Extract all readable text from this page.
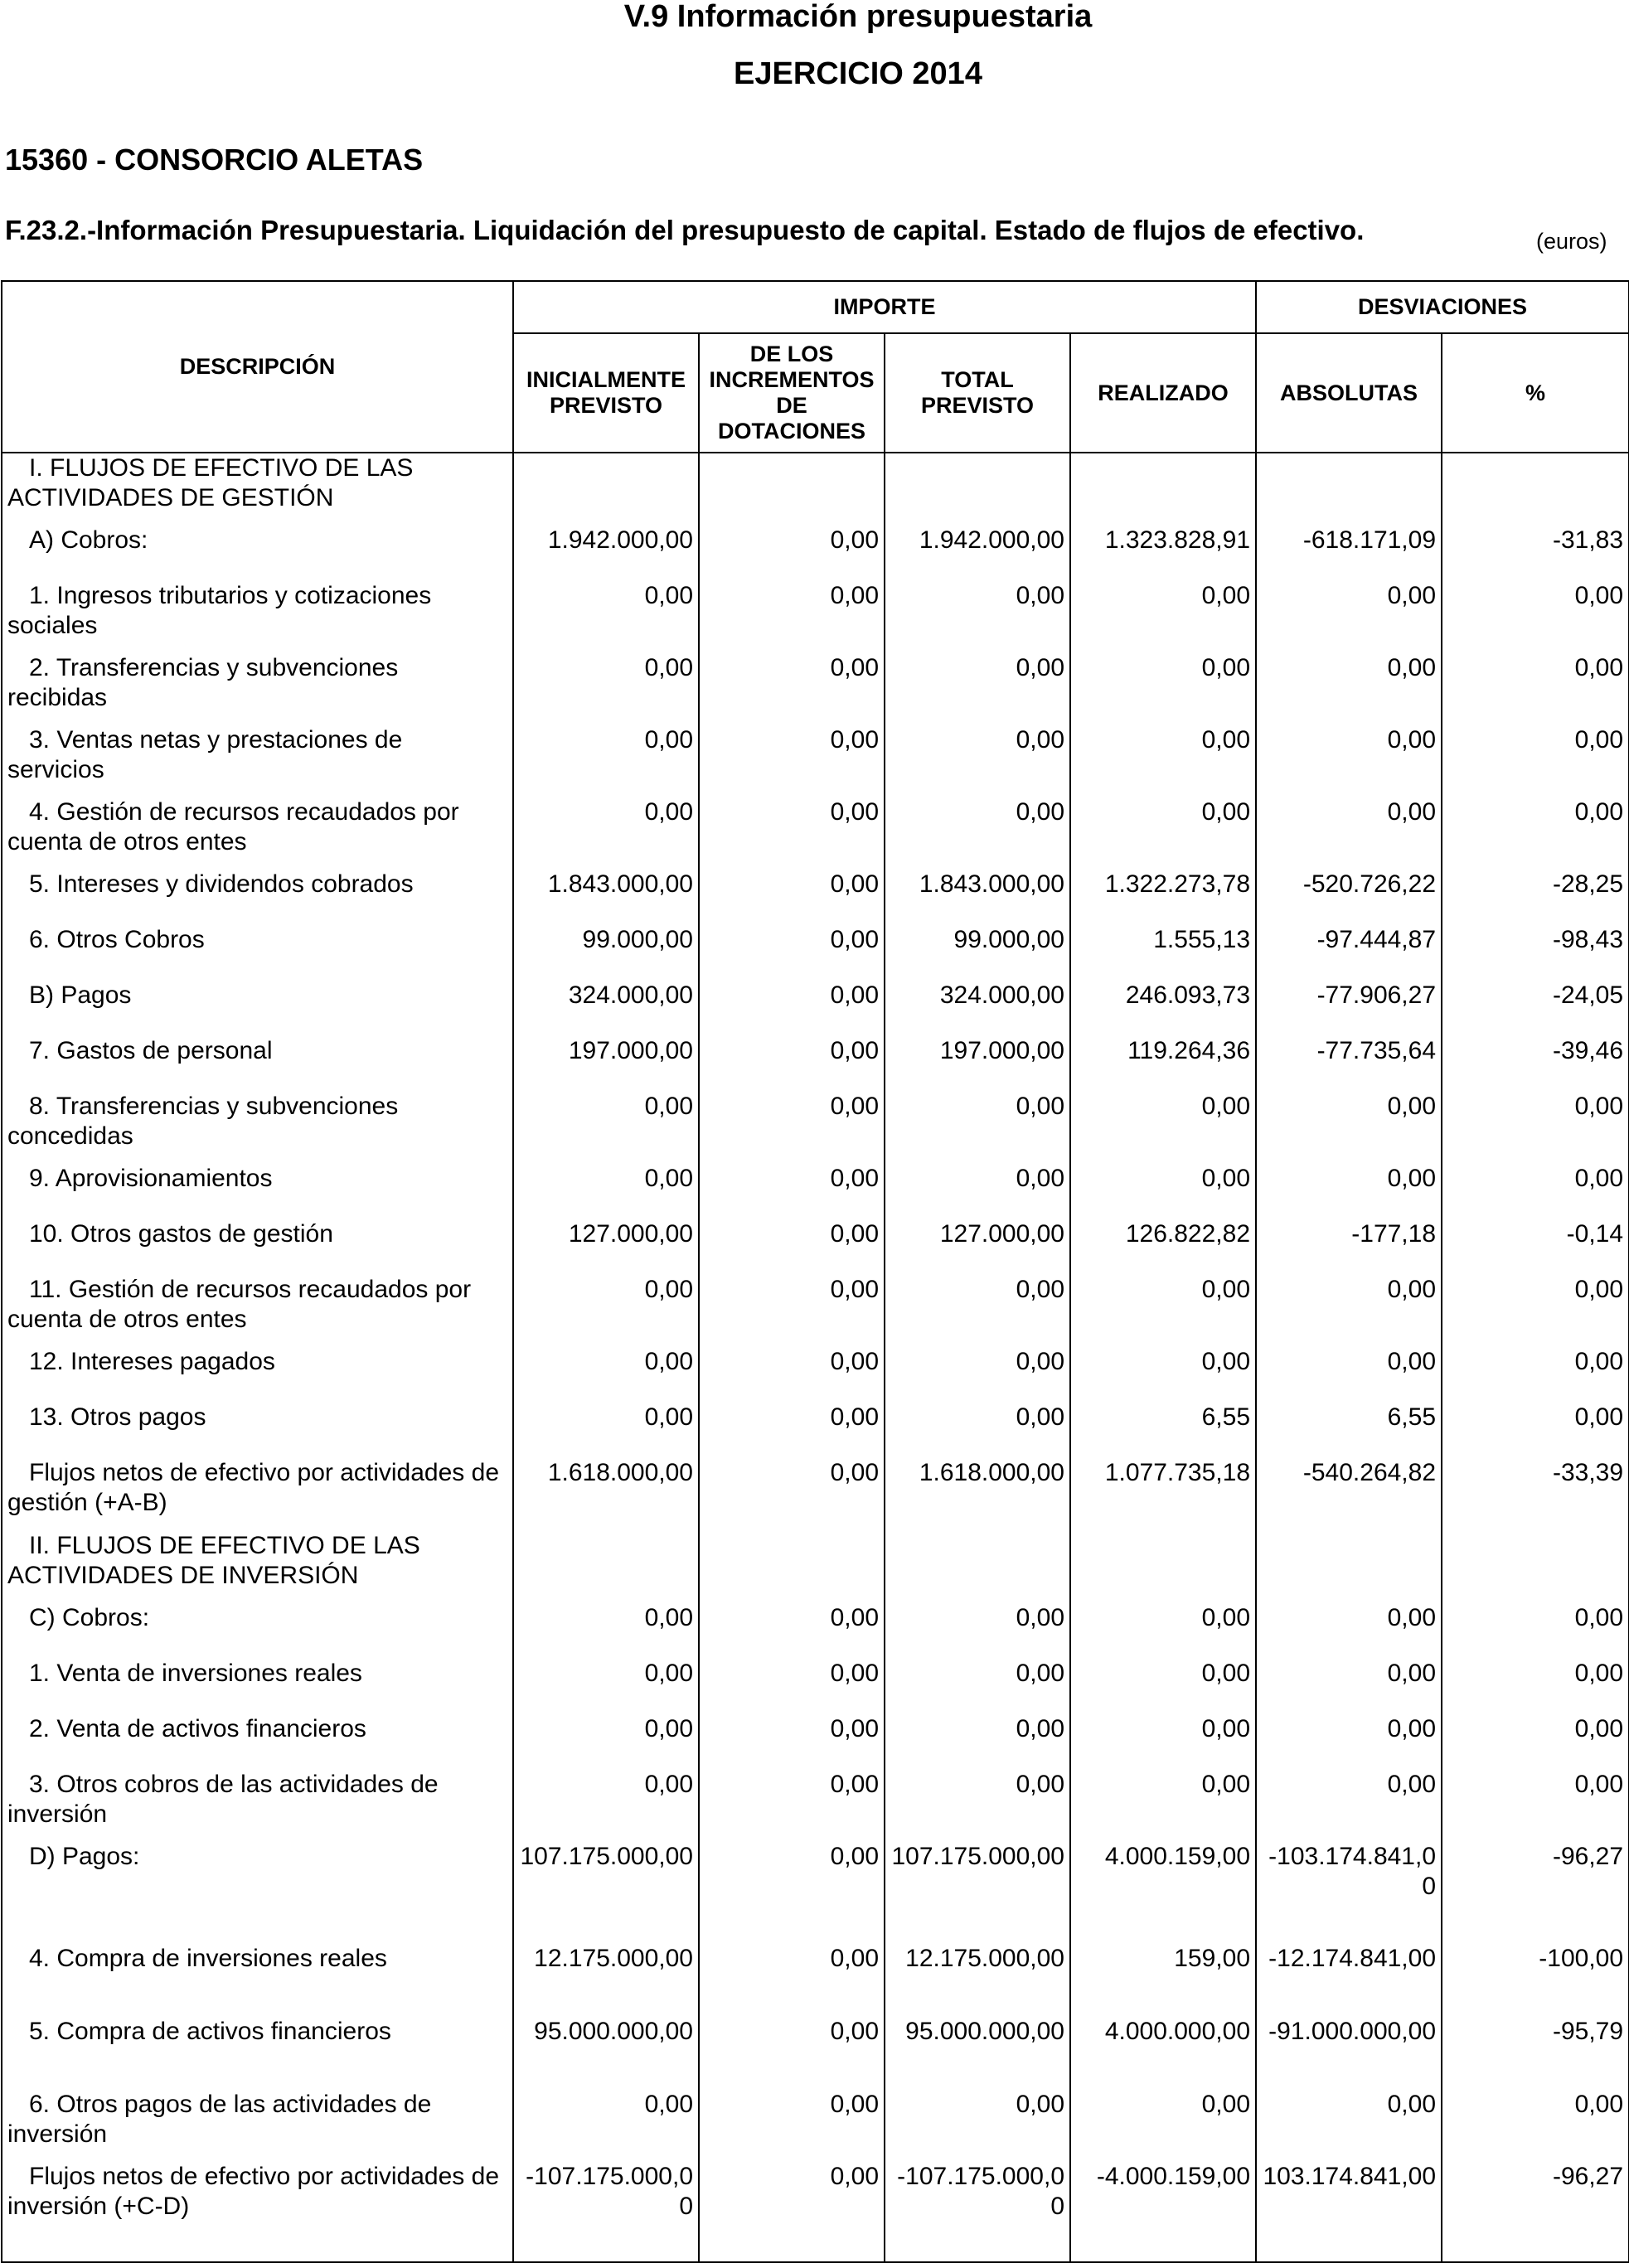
V.9 Información presupuestaria
EJERCICIO 2014
15360 - CONSORCIO ALETAS
F.23.2.-Información Presupuestaria. Liquidación del presupuesto de capital. Estado de flujos de efectivo.	(euros)
DESCRIPCIÓN	IMPORTE				DESVIACIONES	
	INICIALMENTE PREVISTO	DE LOS INCREMENTOS DE DOTACIONES	TOTAL PREVISTO	REALIZADO	ABSOLUTAS	%
I. FLUJOS DE EFECTIVO DE LAS ACTIVIDADES DE GESTIÓN						
A) Cobros:	1.942.000,00	0,00	1.942.000,00	1.323.828,91	-618.171,09	-31,83
1. Ingresos tributarios y cotizaciones sociales	0,00	0,00	0,00	0,00	0,00	0,00
2. Transferencias y subvenciones recibidas	0,00	0,00	0,00	0,00	0,00	0,00
3. Ventas netas y prestaciones de servicios	0,00	0,00	0,00	0,00	0,00	0,00
4. Gestión de recursos recaudados por cuenta de otros entes	0,00	0,00	0,00	0,00	0,00	0,00
5. Intereses y dividendos cobrados	1.843.000,00	0,00	1.843.000,00	1.322.273,78	-520.726,22	-28,25
6. Otros Cobros	99.000,00	0,00	99.000,00	1.555,13	-97.444,87	-98,43
B) Pagos	324.000,00	0,00	324.000,00	246.093,73	-77.906,27	-24,05
7. Gastos de personal	197.000,00	0,00	197.000,00	119.264,36	-77.735,64	-39,46
8. Transferencias y subvenciones concedidas	0,00	0,00	0,00	0,00	0,00	0,00
9. Aprovisionamientos	0,00	0,00	0,00	0,00	0,00	0,00
10. Otros gastos de gestión	127.000,00	0,00	127.000,00	126.822,82	-177,18	-0,14
11. Gestión de recursos recaudados por cuenta de otros entes	0,00	0,00	0,00	0,00	0,00	0,00
12. Intereses pagados	0,00	0,00	0,00	0,00	0,00	0,00
13. Otros pagos	0,00	0,00	0,00	6,55	6,55	0,00
Flujos netos de efectivo por actividades de gestión (+A-B)	1.618.000,00	0,00	1.618.000,00	1.077.735,18	-540.264,82	-33,39
II. FLUJOS DE EFECTIVO DE LAS ACTIVIDADES DE INVERSIÓN						
C) Cobros:	0,00	0,00	0,00	0,00	0,00	0,00
1. Venta de inversiones reales	0,00	0,00	0,00	0,00	0,00	0,00
2. Venta de activos financieros	0,00	0,00	0,00	0,00	0,00	0,00
3. Otros cobros de las actividades de inversión	0,00	0,00	0,00	0,00	0,00	0,00
D) Pagos:	107.175.000,00	0,00	107.175.000,00	4.000.159,00	-103.174.841,00	-96,27
4. Compra de inversiones reales	12.175.000,00	0,00	12.175.000,00	159,00	-12.174.841,00	-100,00
5. Compra de activos financieros	95.000.000,00	0,00	95.000.000,00	4.000.000,00	-91.000.000,00	-95,79
6. Otros pagos de las actividades de inversión	0,00	0,00	0,00	0,00	0,00	0,00
Flujos netos de efectivo por actividades de inversión (+C-D)	-107.175.000,00	0,00	-107.175.000,00	-4.000.159,00	103.174.841,00	-96,27
